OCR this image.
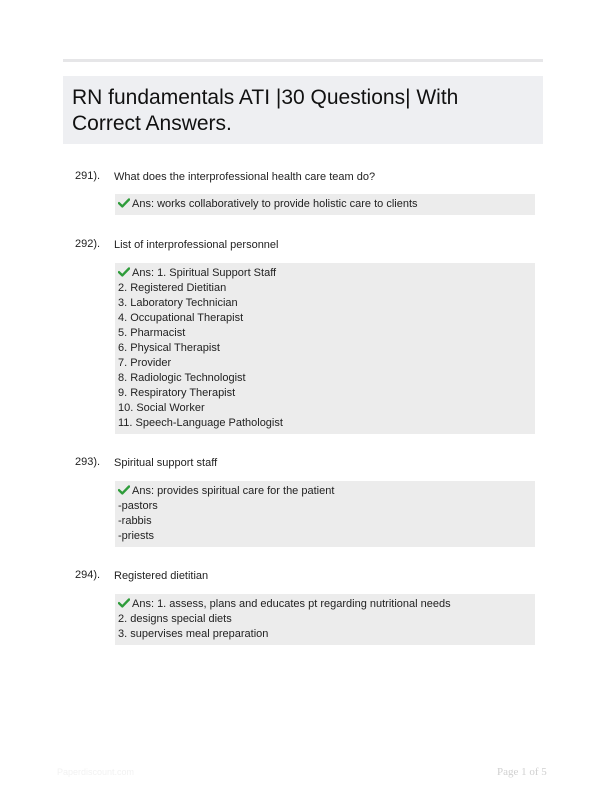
RN fundamentals ATI |30 Questions| With
Correct Answers.
291). What does the interprofessional health care team do?
Ans: works collaboratively to provide holistic care to clients
292). List of interprofessional personnel
Ans: 1. Spiritual Support Staff
2. Registered Dietitian
3. Laboratory Technician
4. Occupational Therapist
5. Pharmacist
6. Physical Therapist
7. Provider
8. Radiologic Technologist
9. Respiratory Therapist
10. Social Worker
11. Speech-Language Pathologist
293). Spiritual support staff
Ans: provides spiritual care for the patient
-pastors
-rabbis
-priests
294). Registered dietitian
Ans: 1. assess, plans and educates pt regarding nutritional needs
2. designs special diets
3. supervises meal preparation
Paperdiscount.com	Page 1 of 5
